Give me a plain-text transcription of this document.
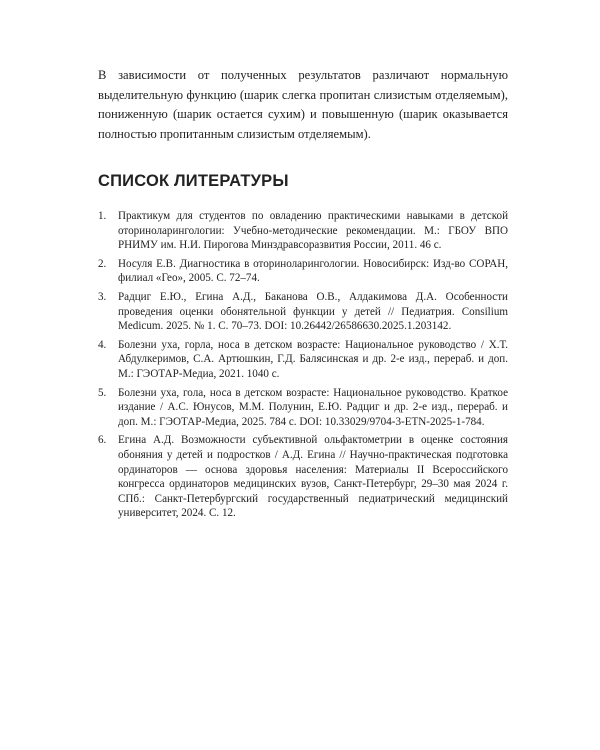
В зависимости от полученных результатов различают нормальную выделительную функцию (шарик слегка пропитан слизистым отделяемым), пониженную (шарик остается сухим) и повышенную (шарик оказывается полностью пропитанным слизистым отделяемым).

СПИСОК ЛИТЕРАТУРЫ
1. Практикум для студентов по овладению практическими навыками в детской оториноларингологии: Учебно-методические рекомендации. М.: ГБОУ ВПО РНИМУ им. Н.И. Пирогова Минздравсоразвития России, 2011. 46 с.
2. Носуля Е.В. Диагностика в оториноларингологии. Новосибирск: Изд-во СОРАН, филиал «Гео», 2005. С. 72–74.
3. Радциг Е.Ю., Егина А.Д., Баканова О.В., Алдакимова Д.А. Особенности проведения оценки обонятельной функции у детей // Педиатрия. Consilium Medicum. 2025. № 1. С. 70–73. DOI: 10.26442/26586630.2025.1.203142.
4. Болезни уха, горла, носа в детском возрасте: Национальное руководство / Х.Т. Абдулкеримов, С.А. Артюшкин, Г.Д. Балясинская и др. 2-е изд., перераб. и доп. М.: ГЭОТАР-Медиа, 2021. 1040 с.
5. Болезни уха, гола, носа в детском возрасте: Национальное руководство. Краткое издание / А.С. Юнусов, М.М. Полунин, Е.Ю. Радциг и др. 2-е изд., перераб. и доп. М.: ГЭОТАР-Медиа, 2025. 784 с. DOI: 10.33029/9704-3-ETN-2025-1-784.
6. Егина А.Д. Возможности субъективной ольфактометрии в оценке состояния обоняния у детей и подростков / А.Д. Егина // Научно-практическая подготовка ординаторов — основа здоровья населения: Материалы II Всероссийского конгресса ординаторов медицинских вузов, Санкт-Петербург, 29–30 мая 2024 г. СПб.: Санкт-Петербургский государственный педиатрический медицинский университет, 2024. С. 12.
